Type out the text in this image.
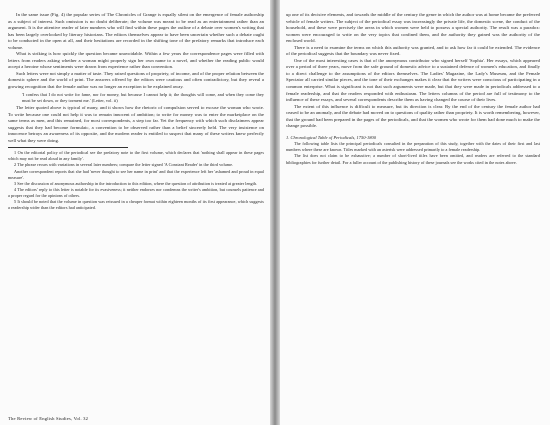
In the same issue (Fig. 4) the popular series of The Chronicles of Grange is equally silent on the emergence of female authorship as a subject of interest. Such omission is no doubt deliberate; the volume was meant to be read as an entertainment rather than an argument. It is the attentive reader of later numbers who will find within these pages the outline of a debate over women's writing that has been largely overlooked by literary historians. The editors themselves appear to have been uncertain whether such a debate ought to be conducted in the open at all, and their hesitations are recorded in the shifting tone of the prefatory remarks that introduce each volume.

What is striking is how quickly the question became unavoidable. Within a few years the correspondence pages were filled with letters from readers asking whether a woman might properly sign her own name to a novel, and whether the reading public would accept a heroine whose sentiments were drawn from experience rather than convention.

Such letters were not simply a matter of taste. They raised questions of propriety, of income, and of the proper relation between the domestic sphere and the world of print. The answers offered by the editors were cautious and often contradictory, but they reveal a growing recognition that the female author was no longer an exception to be explained away.

'I confess that I do not write for fame, nor for money, but because I cannot help it; the thoughts will come, and when they come they must be set down, or they torment me.' (Letter, vol. ii)

The letter quoted above is typical of many, and it shows how the rhetoric of compulsion served to excuse the woman who wrote. To write because one could not help it was to remain innocent of ambition; to write for money was to enter the marketplace on the same terms as men, and this remained, for most correspondents, a step too far. Yet the frequency with which such disclaimers appear suggests that they had become formulaic, a convention to be observed rather than a belief sincerely held. The very insistence on innocence betrays an awareness of its opposite, and the modern reader is entitled to suspect that many of these writers knew perfectly well what they were doing.

1 On the editorial policy of the periodical see the prefatory note to the first volume, which declares that 'nothing shall appear in these pages which may not be read aloud in any family'.

2 The phrase recurs with variations in several later numbers; compare the letter signed 'A Constant Reader' in the third volume.

Another correspondent reports that she had 'never thought to see her name in print' and that the experience left her 'ashamed and proud in equal measure'.

3 See the discussion of anonymous authorship in the introduction to this edition, where the question of attribution is treated at greater length.

4 The editors' reply to this letter is notable for its evasiveness; it neither endorses nor condemns the writer's ambition, but counsels patience and a proper regard for the opinions of others.

5 It should be noted that the volume in question was reissued in a cheaper format within eighteen months of its first appearance, which suggests a readership wider than the editors had anticipated.

The Review of English Studies, Vol. 32

up one of its decisive elements, and towards the middle of the century the genre in which the author was at home became the preferred vehicle of female writers. The subject of the periodical essay was increasingly the private life, the domestic scene, the conduct of the household, and these were precisely the areas in which women were held to possess a special authority. The result was a paradox: women were encouraged to write on the very topics that confined them, and the authority they gained was the authority of the enclosed world.

There is a need to examine the terms on which this authority was granted, and to ask how far it could be extended. The evidence of the periodical suggests that the boundary was never fixed.

One of the most interesting cases is that of the anonymous contributor who signed herself 'Sophia'. Her essays, which appeared over a period of three years, move from the safe ground of domestic advice to a sustained defence of women's education, and finally to a direct challenge to the assumptions of the editors themselves. The Ladies' Magazine, the Lady's Museum, and the Female Spectator all carried similar pieces, and the tone of their exchanges makes it clear that the writers were conscious of participating in a common enterprise. What is significant is not that such arguments were made, but that they were made in periodicals addressed to a female readership, and that the readers responded with enthusiasm. The letters columns of the period are full of testimony to the influence of these essays, and several correspondents describe them as having changed the course of their lives.

The extent of this influence is difficult to measure, but its direction is clear. By the end of the century the female author had ceased to be an anomaly, and the debate had moved on to questions of quality rather than propriety. It is worth remembering, however, that the ground had been prepared in the pages of the periodicals, and that the women who wrote for them had done much to make the change possible.

1. Chronological Table of Periodicals, 1750-1800

The following table lists the principal periodicals consulted in the preparation of this study, together with the dates of their first and last numbers where these are known. Titles marked with an asterisk were addressed primarily to a female readership.

The list does not claim to be exhaustive; a number of short-lived titles have been omitted, and readers are referred to the standard bibliographies for further detail. For a fuller account of the publishing history of these journals see the works cited in the notes above.
